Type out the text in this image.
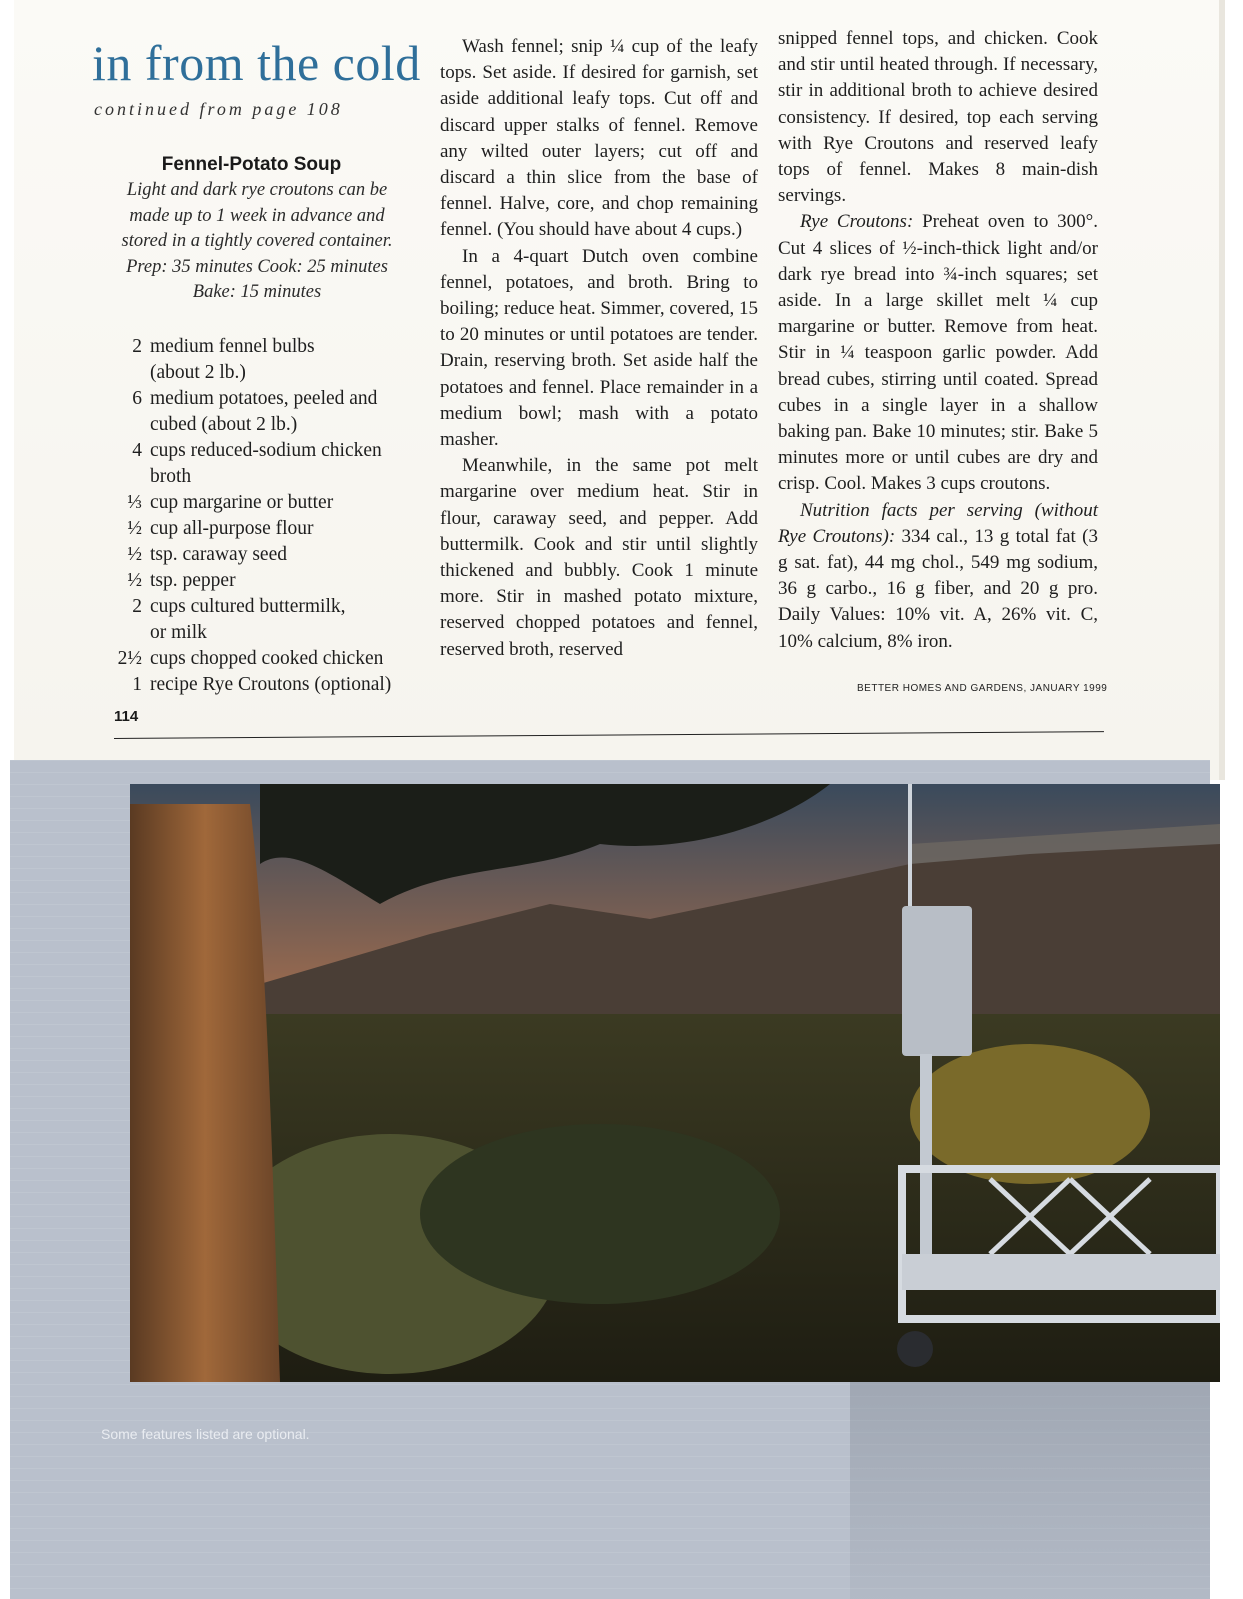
in from the cold
continued from page 108
Fennel-Potato Soup
Light and dark rye croutons can be
made up to 1 week in advance and
stored in a tightly covered container.
Prep: 35 minutes Cook: 25 minutes
Bake: 15 minutes
2 medium fennel bulbs
(about 2 lb.)
6 medium potatoes, peeled and
cubed (about 2 lb.)
4 cups reduced-sodium chicken
broth
⅓ cup margarine or butter
½ cup all-purpose flour
½ tsp. caraway seed
½ tsp. pepper
2 cups cultured buttermilk,
or milk
2½ cups chopped cooked chicken
1 recipe Rye Croutons (optional)

Wash fennel; snip ¼ cup of the leafy tops. Set aside. If desired for garnish, set aside additional leafy tops. Cut off and discard upper stalks of fennel. Remove any wilted outer layers; cut off and discard a thin slice from the base of fennel. Halve, core, and chop remaining fennel. (You should have about 4 cups.)

In a 4-quart Dutch oven combine fennel, potatoes, and broth. Bring to boiling; reduce heat. Simmer, covered, 15 to 20 minutes or until potatoes are tender. Drain, reserving broth. Set aside half the potatoes and fennel. Place remainder in a medium bowl; mash with a potato masher.

Meanwhile, in the same pot melt margarine over medium heat. Stir in flour, caraway seed, and pepper. Add buttermilk. Cook and stir until slightly thickened and bubbly. Cook 1 minute more. Stir in mashed potato mixture, reserved chopped potatoes and fennel, reserved broth, reserved

snipped fennel tops, and chicken. Cook and stir until heated through. If necessary, stir in additional broth to achieve desired consistency. If desired, top each serving with Rye Croutons and reserved leafy tops of fennel. Makes 8 main-dish servings.

Rye Croutons: Preheat oven to 300°. Cut 4 slices of ½-inch-thick light and/or dark rye bread into ¾-inch squares; set aside. In a large skillet melt ¼ cup margarine or butter. Remove from heat. Stir in ¼ teaspoon garlic powder. Add bread cubes, stirring until coated. Spread cubes in a single layer in a shallow baking pan. Bake 10 minutes; stir. Bake 5 minutes more or until cubes are dry and crisp. Cool. Makes 3 cups croutons.

Nutrition facts per serving (without Rye Croutons): 334 cal., 13 g total fat (3 g sat. fat), 44 mg chol., 549 mg sodium, 36 g carbo., 16 g fiber, and 20 g pro. Daily Values: 10% vit. A, 26% vit. C, 10% calcium, 8% iron.

BETTER HOMES AND GARDENS, JANUARY 1999
114
Some features listed are optional.
